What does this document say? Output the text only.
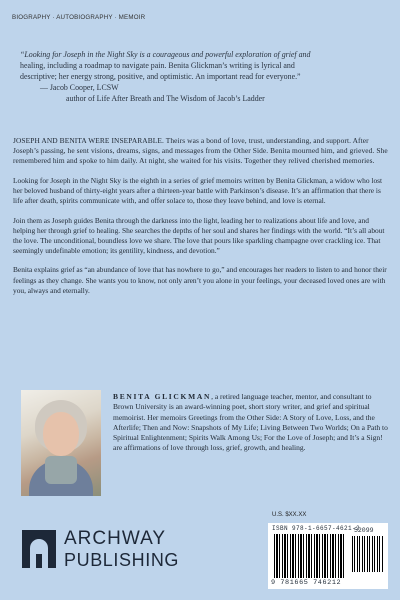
BIOGRAPHY · AUTOBIOGRAPHY · MEMOIR

“Looking for Joseph in the Night Sky is a courageous and powerful exploration of grief and

healing, including a roadmap to navigate pain. Benita Glickman’s writing is lyrical and

descriptive; her energy strong, positive, and optimistic. An important read for everyone.”

— Jacob Cooper, LCSW

author of Life After Breath and The Wisdom of Jacob’s Ladder

JOSEPH AND BENITA WERE INSEPARABLE. Theirs was a bond of love, trust, understanding, and support. After Joseph’s passing, he sent visions, dreams, signs, and messages from the Other Side. Benita mourned him, and grieved. She remembered him and spoke to him daily. At night, she waited for his visits. Together they relived cherished memories.

Looking for Joseph in the Night Sky is the eighth in a series of grief memoirs written by Benita Glickman, a widow who lost her beloved husband of thirty-eight years after a thirteen-year battle with Parkinson’s disease. It’s an affirmation that there is life after death, spirits communicate with, and offer solace to, those they leave behind, and love is eternal.

Join them as Joseph guides Benita through the darkness into the light, leading her to realizations about life and love, and helping her through grief to healing. She searches the depths of her soul and shares her findings with the world. “It’s all about the love. The unconditional, boundless love we share. The love that pours like sparkling champagne over crackling ice. That seemingly undefinable emotion; its gentility, kindness, and devotion.”

Benita explains grief as “an abundance of love that has nowhere to go,” and encourages her readers to listen to and honor their feelings as they change. She wants you to know, not only aren’t you alone in your feelings, your deceased loved ones are with you, always and eternally.

BENITA GLICKMAN, a retired language teacher, mentor, and consultant to Brown University is an award-winning poet, short story writer, and grief and spiritual memoirist. Her memoirs Greetings from the Other Side: A Story of Love, Loss, and the Afterlife; Then and Now: Snapshots of My Life; Living Between Two Worlds; On a Path to Spiritual Enlightenment; Spirits Walk Among Us; For the Love of Joseph; and It’s a Sign! are affirmations of love through loss, grief, growth, and healing.
U.S. $XX.XX
ISBN 978-1-6657-4621-2
52099
9 781665 746212
ARCHWAY
PUBLISHING
